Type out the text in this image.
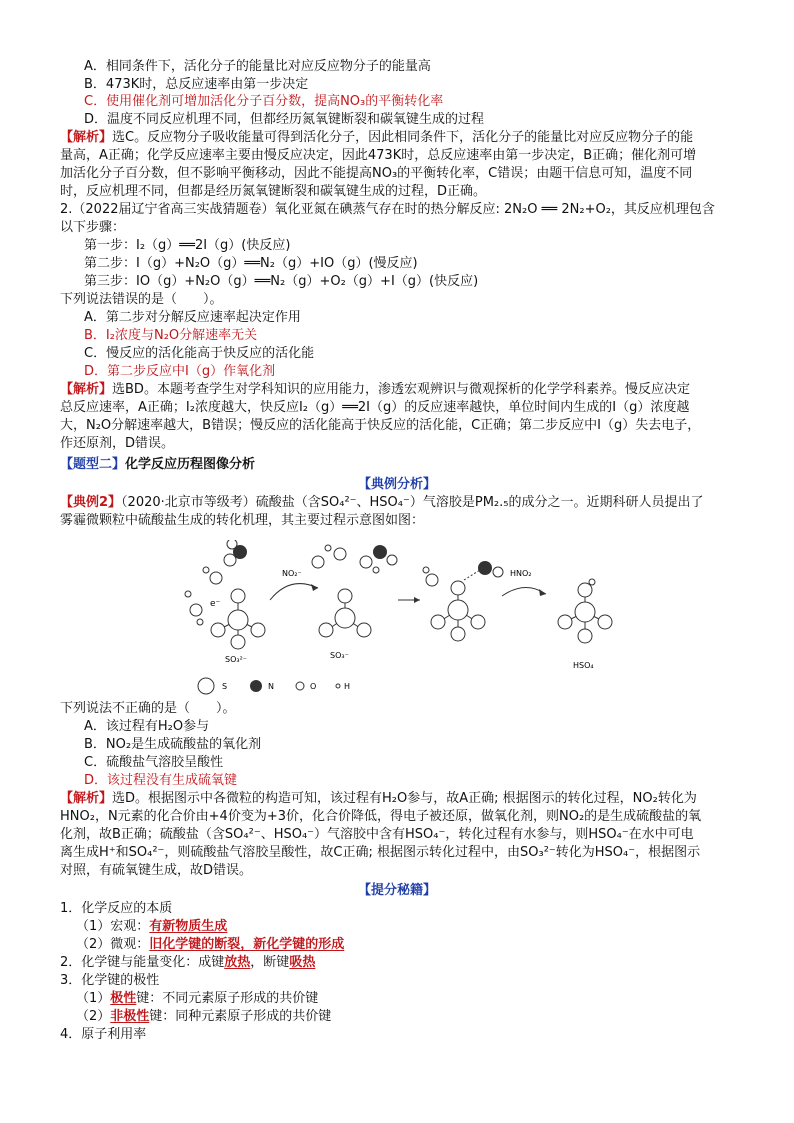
A．相同条件下，活化分子的能量比对应反应物分子的能量高
B．473K时，总反应速率由第一步决定
C．使用催化剂可增加活化分子百分数，提高NO₃的平衡转化率
D．温度不同反应机理不同，但都经历氮氧键断裂和碳氧键生成的过程
【解析】选C。反应物分子吸收能量可得到活化分子，因此相同条件下，活化分子的能量比对应反应物分子的能
量高，A正确；化学反应速率主要由慢反应决定，因此473K时，总反应速率由第一步决定，B正确；催化剂可增
加活化分子百分数，但不影响平衡移动，因此不能提高NO₃的平衡转化率，C错误；由题干信息可知，温度不同
时，反应机理不同，但都是经历氮氧键断裂和碳氧键生成的过程，D正确。
2.（2022届辽宁省高三实战猜题卷）氧化亚氮在碘蒸气存在时的热分解反应: 2N₂O ══ 2N₂+O₂，其反应机理包含
以下步骤：
第一步：I₂（g）══2I（g）(快反应)
第二步：I（g）+N₂O（g）══N₂（g）+IO（g）(慢反应)
第三步：IO（g）+N₂O（g）══N₂（g）+O₂（g）+I（g）(快反应)
下列说法错误的是（　　）。
A．第二步对分解反应速率起决定作用
B．I₂浓度与N₂O分解速率无关
C．慢反应的活化能高于快反应的活化能
D．第二步反应中I（g）作氧化剂
【解析】选BD。本题考查学生对学科知识的应用能力，渗透宏观辨识与微观探析的化学学科素养。慢反应决定
总反应速率，A正确；I₂浓度越大，快反应I₂（g）══2I（g）的反应速率越快，单位时间内生成的I（g）浓度越
大，N₂O分解速率越大，B错误；慢反应的活化能高于快反应的活化能，C正确；第二步反应中I（g）失去电子，
作还原剂，D错误。
【题型二】化学反应历程图像分析
【典例分析】
【典例2】（2020·北京市等级考）硫酸盐（含SO₄²⁻、HSO₄⁻）气溶胶是PM₂.₅的成分之一。近期科研人员提出了
雾霾微颗粒中硫酸盐生成的转化机理，其主要过程示意图如图：
e⁻
SO₃²⁻
NO₂⁻
SO₃⁻
HNO₂
HSO₄
S	N	O	H
下列说法不正确的是（　　）。
A．该过程有H₂O参与
B．NO₂是生成硫酸盐的氧化剂
C．硫酸盐气溶胶呈酸性
D．该过程没有生成硫氧键
【解析】选D。根据图示中各微粒的构造可知，该过程有H₂O参与，故A正确; 根据图示的转化过程，NO₂转化为
HNO₂，N元素的化合价由+4价变为+3价，化合价降低，得电子被还原，做氧化剂，则NO₂的是生成硫酸盐的氧
化剂，故B正确；硫酸盐（含SO₄²⁻、HSO₄⁻）气溶胶中含有HSO₄⁻，转化过程有水参与，则HSO₄⁻在水中可电
离生成H⁺和SO₄²⁻，则硫酸盐气溶胶呈酸性，故C正确; 根据图示转化过程中，由SO₃²⁻转化为HSO₄⁻，根据图示
对照，有硫氧键生成，故D错误。
【提分秘籍】
1．化学反应的本质
（1）宏观：有新物质生成
（2）微观：旧化学键的断裂，新化学键的形成
2．化学键与能量变化：成键放热，断键吸热
3．化学键的极性
（1）极性键：不同元素原子形成的共价键
（2）非极性键：同种元素原子形成的共价键
4．原子利用率
